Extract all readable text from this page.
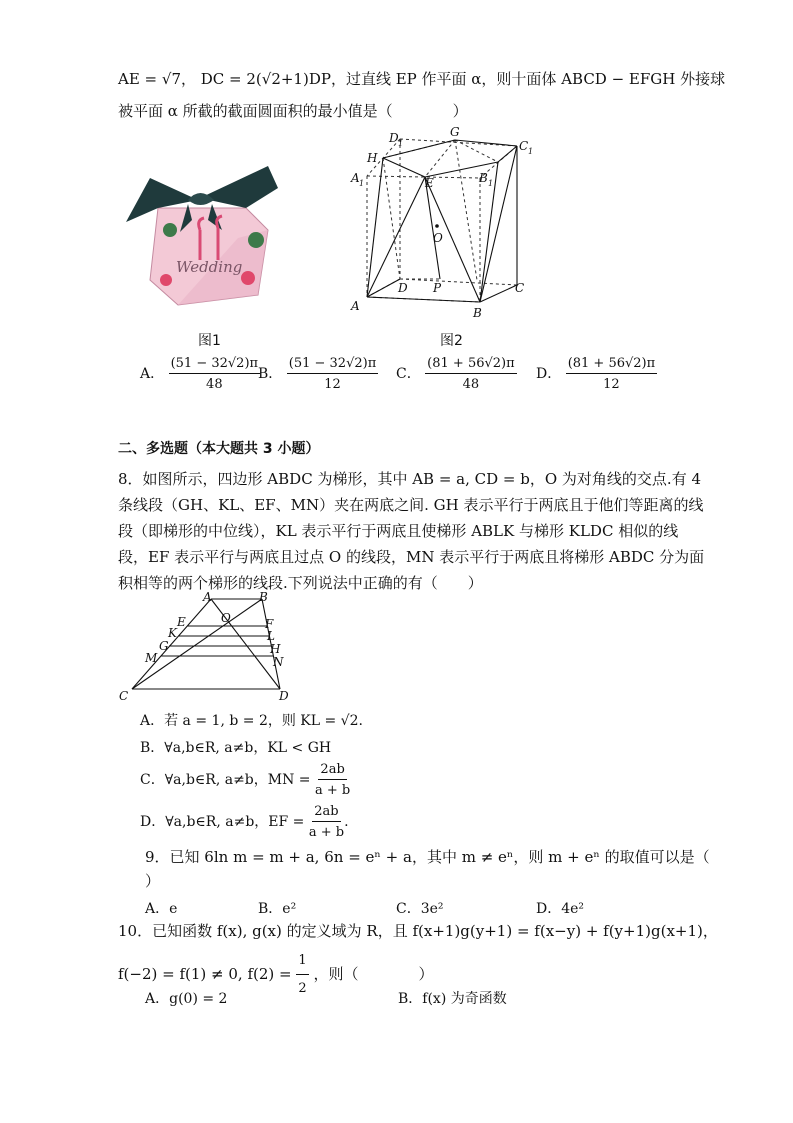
AE = √7， DC = 2(√2+1)DP，过直线 EP 作平面 α，则十面体 ABCD − EFGH 外接球
被平面 α 所截的截面圆面积的最小值是（　　　　）
Wedding
图1
D 1
G
C 1
H
A 1	E	B 1
O
D P	C
A	B
图2
A． $\frac{(51 - 32√2)\pi}{48}$
B． $\frac{(51 - 32√2)\pi}{12}$ C． $\frac{(81 + 56√2)\pi}{48}$ D． $\frac{(81 + 56√2)\pi}{12}$
二、多选题（本大题共 3 小题）
8．如图所示，四边形 ABDC 为梯形，其中 AB = a, CD = b，O 为对角线的交点.有 4
条线段（GH、KL、EF、MN）夹在两底之间. GH 表示平行于两底且于他们等距离的线
段（即梯形的中位线），KL 表示平行于两底且使梯形 ABLK 与梯形 KLDC 相似的线
段，EF 表示平行与两底且过点 O 的线段，MN 表示平行于两底且将梯形 ABDC 分为面
积相等的两个梯形的线段.下列说法中正确的有（　　）
A	B
E	O	F
K	L
G	H
M	N
C	D
A．若 a = 1, b = 2，则 KL = √2.
B．∀a,b∈R, a≠b，KL < GH
C．∀a,b∈R, a≠b，MN = $\frac{2ab}{a + b}$
D．∀a,b∈R, a≠b，EF = $\frac{2ab}{a + b}$ .
9．已知 6ln m = m + a, 6n = eⁿ + a，其中 m ≠ eⁿ，则 m + eⁿ 的取值可以是（
）
A．e	B．e²	C．3e²	D．4e²
10．已知函数 f(x), g(x) 的定义域为 R，且 f(x+1)g(y+1) = f(x−y) + f(y+1)g(x+1)，
f(−2) = f(1) ≠ 0, $f(2) = \frac{1}{2}$ ，则（　　　　）
A．g(0) = 2	B．f(x) 为奇函数
